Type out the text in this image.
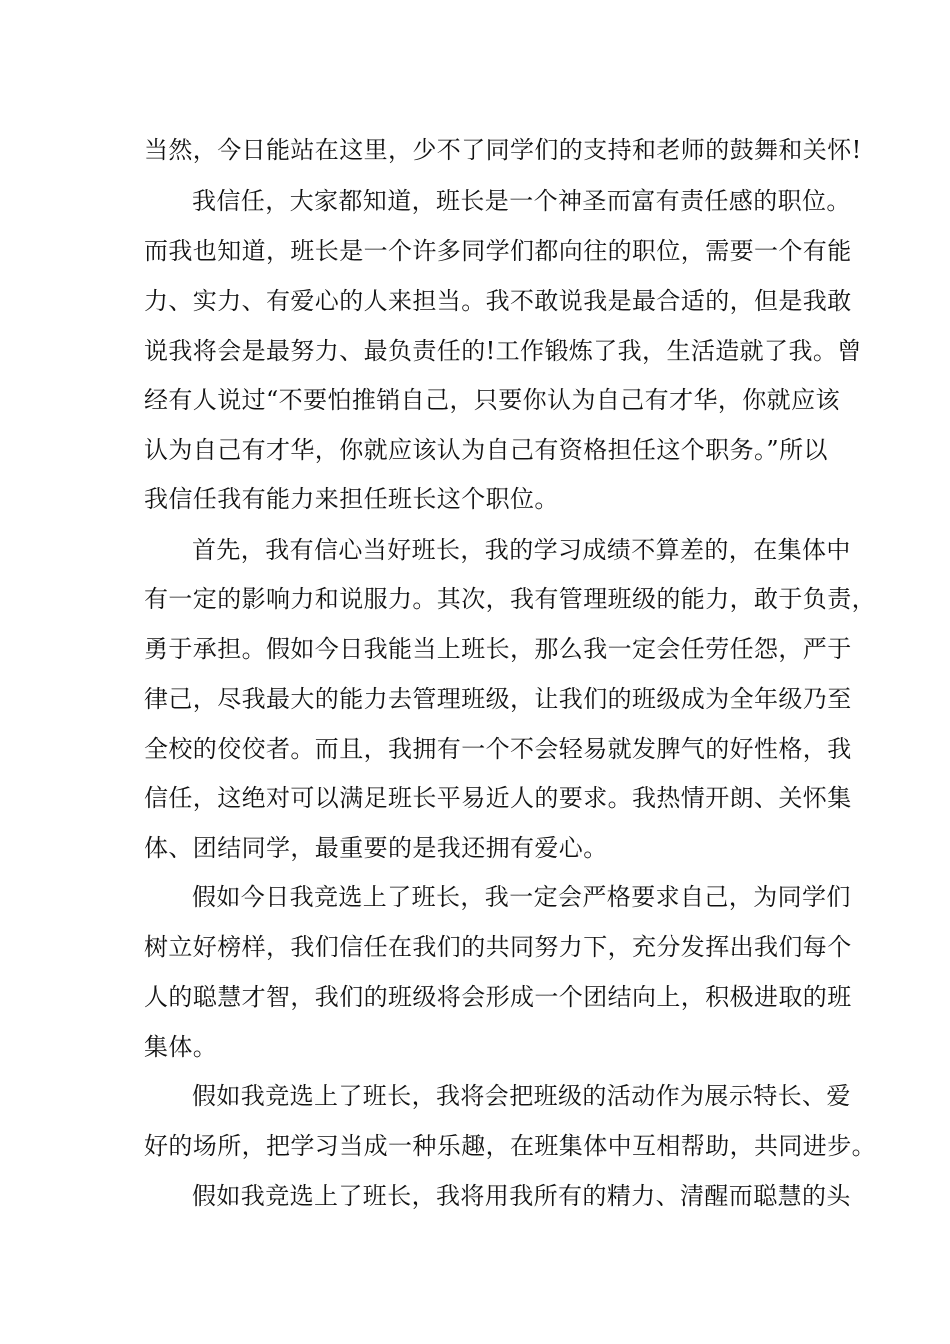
当然，今日能站在这里，少不了同学们的支持和老师的鼓舞和关怀!
我信任，大家都知道，班长是一个神圣而富有责任感的职位。
而我也知道，班长是一个许多同学们都向往的职位，需要一个有能
力、实力、有爱心的人来担当。我不敢说我是最合适的，但是我敢
说我将会是最努力、最负责任的!工作锻炼了我，生活造就了我。曾
经有人说过“不要怕推销自己，只要你认为自己有才华，你就应该
认为自己有才华，你就应该认为自己有资格担任这个职务。”所以
我信任我有能力来担任班长这个职位。
首先，我有信心当好班长，我的学习成绩不算差的，在集体中
有一定的影响力和说服力。其次，我有管理班级的能力，敢于负责，
勇于承担。假如今日我能当上班长，那么我一定会任劳任怨，严于
律己，尽我最大的能力去管理班级，让我们的班级成为全年级乃至
全校的佼佼者。而且，我拥有一个不会轻易就发脾气的好性格，我
信任，这绝对可以满足班长平易近人的要求。我热情开朗、关怀集
体、团结同学，最重要的是我还拥有爱心。
假如今日我竞选上了班长，我一定会严格要求自己，为同学们
树立好榜样，我们信任在我们的共同努力下，充分发挥出我们每个
人的聪慧才智，我们的班级将会形成一个团结向上，积极进取的班
集体。
假如我竞选上了班长，我将会把班级的活动作为展示特长、爱
好的场所，把学习当成一种乐趣，在班集体中互相帮助，共同进步。
假如我竞选上了班长，我将用我所有的精力、清醒而聪慧的头
